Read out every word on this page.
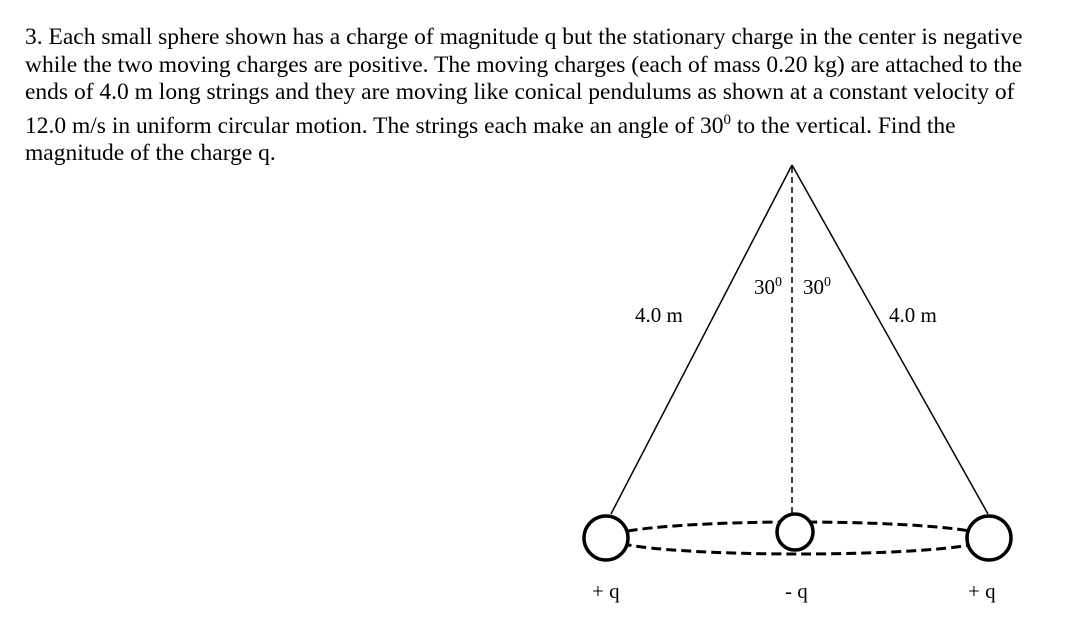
3. Each small sphere shown has a charge of magnitude q but the stationary charge in the center is negative while the two moving charges are positive. The moving charges (each of mass 0.20 kg) are attached to the ends of 4.0 m long strings and they are moving like conical pendulums as shown at a constant velocity of 12.0 m/s in uniform circular motion. The strings each make an angle of $30^0$ to the vertical. Find the magnitude of the charge q.

4.0 m	4.0 m
$30^0$ $30^0$
+ q	- q	+ q
